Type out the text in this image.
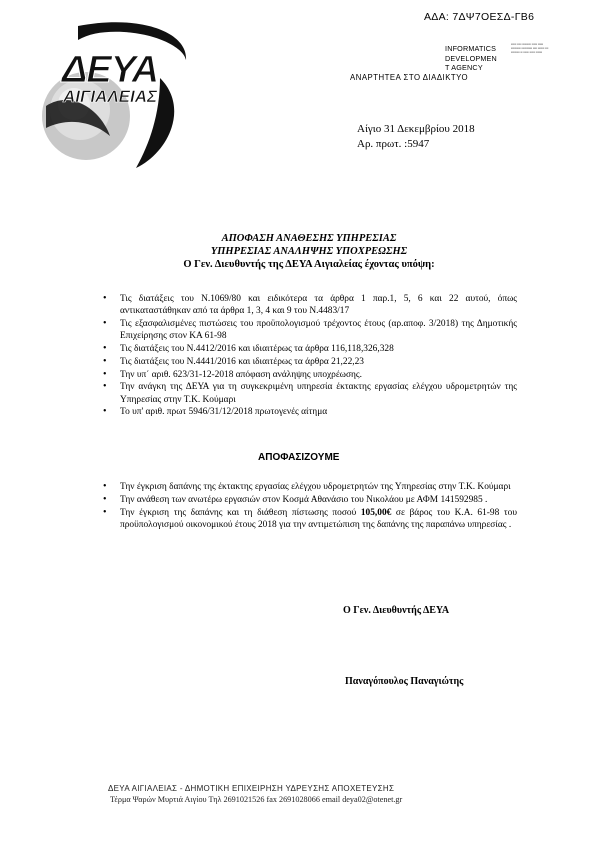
ΑΔΑ: 7ΔΨ7ΟΕΣΔ-ΓΒ6
ΔΕΥΑ
ΑΙΓΙΑΛΕΙΑΣ
INFORMATICS
DEVELOPMEN
T AGENCY
▪▪▪▪▪ ▪▪▪▪ ▪▪▪▪▪▪▪▪ ▪▪▪▪▪ ▪▪▪▪▪ ▪▪▪▪▪▪▪▪▪ ▪▪▪▪▪▪▪▪▪▪ ▪▪▪▪ ▪▪▪▪▪▪ ▪▪▪ ▪▪▪▪▪▪▪▪ ▪▪ ▪▪▪▪▪ ▪▪▪▪▪ ▪▪▪▪▪▪
ΑΝΑΡΤΗΤΕΑ ΣΤΟ ΔΙΑΔΙΚΤΥΟ
Αίγιο 31 Δεκεμβρίου 2018
Αρ. πρωτ. :5947
ΑΠΟΦΑΣΗ ΑΝΑΘΕΣΗΣ ΥΠΗΡΕΣΙΑΣ
ΥΠΗΡΕΣΙΑΣ ΑΝΑΛΗΨΗΣ ΥΠΟΧΡΕΩΣΗΣ
Ο Γεν. Διευθυντής της ΔΕΥΑ Αιγιαλείας έχοντας υπόψη:
• Τις διατάξεις του Ν.1069/80 και ειδικότερα τα άρθρα 1 παρ.1, 5, 6 και 22 αυτού, όπως αντικαταστάθηκαν από τα άρθρα 1, 3, 4 και 9 του Ν.4483/17
• Τις εξασφαλισμένες πιστώσεις του προϋπολογισμού τρέχοντος έτους (αρ.αποφ. 3/2018) της Δημοτικής Επιχείρησης στον ΚΑ 61-98
• Τις διατάξεις του Ν.4412/2016 και ιδιαιτέρως τα άρθρα 116,118,326,328
• Τις διατάξεις του Ν.4441/2016 και ιδιαιτέρως τα άρθρα 21,22,23
• Την υπ΄ αριθ. 623/31-12-2018 απόφαση ανάληψης υποχρέωσης.
• Την ανάγκη της ΔΕΥΑ για τη συγκεκριμένη υπηρεσία έκτακτης εργασίας ελέγχου υδρομετρητών της Υπηρεσίας στην Τ.Κ. Κούμαρι
• Το υπ' αριθ. πρωτ 5946/31/12/2018 πρωτογενές αίτημα
ΑΠΟΦΑΣΙΖΟΥΜΕ
• Την έγκριση δαπάνης της έκτακτης εργασίας ελέγχου υδρομετρητών της Υπηρεσίας στην Τ.Κ. Κούμαρι
• Την ανάθεση των ανωτέρω εργασιών στον Κοσμά Αθανάσιο του Νικολάου με ΑΦΜ 141592985 .
• Την έγκριση της δαπάνης και τη διάθεση πίστωσης ποσού 105,00€ σε βάρος του Κ.Α. 61-98 του προϋπολογισμού οικονομικού έτους 2018 για την αντιμετώπιση της δαπάνης της παραπάνω υπηρεσίας .
Ο Γεν. Διευθυντής ΔΕΥΑ
Παναγόπουλος Παναγιώτης
ΔΕΥΑ ΑΙΓΙΑΛΕΙΑΣ - ΔΗΜΟΤΙΚΗ ΕΠΙΧΕΙΡΗΣΗ ΥΔΡΕΥΣΗΣ ΑΠΟΧΕΤΕΥΣΗΣ
Τέρμα Ψαρών Μυρτιά Αιγίου Τηλ 2691021526 fax 2691028066 email deya02@otenet.gr
